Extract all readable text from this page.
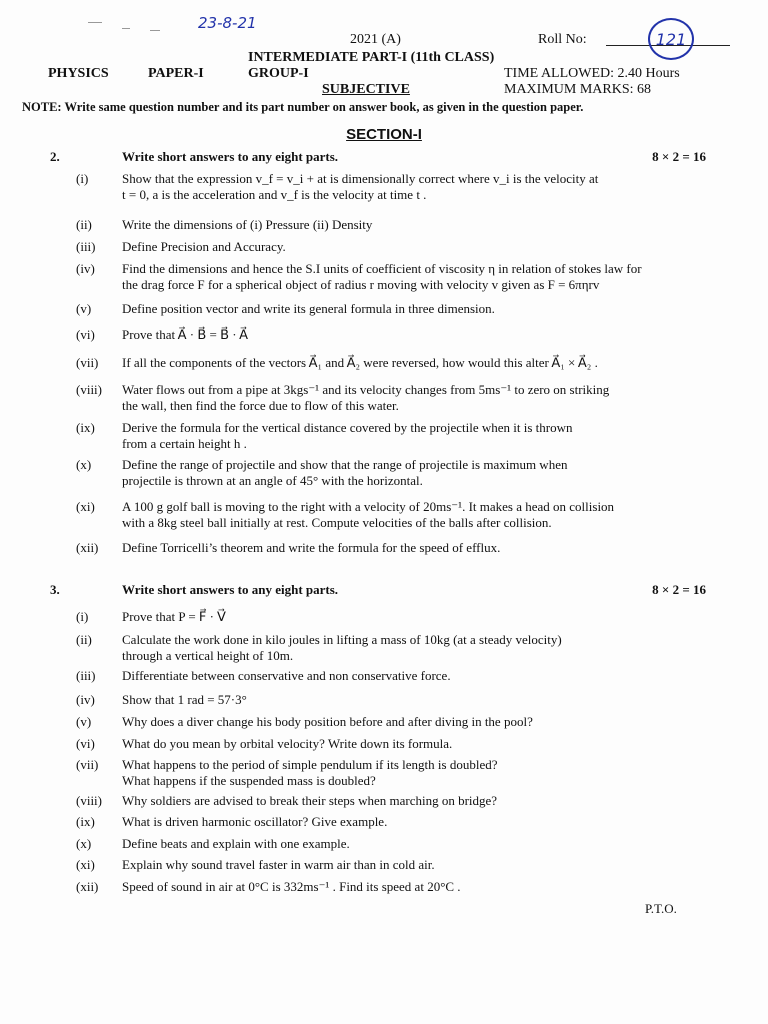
23-8-21
2021 (A)	Roll No:	121
INTERMEDIATE PART-I (11th CLASS)
PHYSICS	PAPER-I	GROUP-I	TIME ALLOWED: 2.40 Hours
SUBJECTIVE	MAXIMUM MARKS: 68
NOTE: Write same question number and its part number on answer book, as given in the question paper.
SECTION-I
2.	Write short answers to any eight parts.	8 × 2 = 16
(i)	Show that the expression v_f = v_i + at is dimensionally correct where v_i is the velocity at
t = 0, a is the acceleration and v_f is the velocity at time t .
(ii)	Write the dimensions of (i) Pressure (ii) Density
(iii)	Define Precision and Accuracy.
(iv)	Find the dimensions and hence the S.I units of coefficient of viscosity η in relation of stokes law for
the drag force F for a spherical object of radius r moving with velocity v given as F = 6πηrv
(v)	Define position vector and write its general formula in three dimension.
(vi)	Prove that A⃗ · B⃗ = B⃗ · A⃗
(vii)	If all the components of the vectors A⃗₁ and A⃗₂ were reversed, how would this alter A⃗₁ × A⃗₂ .
(viii)	Water flows out from a pipe at 3kgs⁻¹ and its velocity changes from 5ms⁻¹ to zero on striking
the wall, then find the force due to flow of this water.
(ix)	Derive the formula for the vertical distance covered by the projectile when it is thrown
from a certain height h .
(x)	Define the range of projectile and show that the range of projectile is maximum when
projectile is thrown at an angle of 45° with the horizontal.
(xi)	A 100 g golf ball is moving to the right with a velocity of 20ms⁻¹. It makes a head on collision
with a 8kg steel ball initially at rest. Compute velocities of the balls after collision.
(xii)	Define Torricelli’s theorem and write the formula for the speed of efflux.
3.	Write short answers to any eight parts.	8 × 2 = 16
(i)	Prove that P = F⃗ · V⃗
(ii)	Calculate the work done in kilo joules in lifting a mass of 10kg (at a steady velocity)
through a vertical height of 10m.
(iii)	Differentiate between conservative and non conservative force.
(iv)	Show that 1 rad = 57·3°
(v)	Why does a diver change his body position before and after diving in the pool?
(vi)	What do you mean by orbital velocity? Write down its formula.
(vii)	What happens to the period of simple pendulum if its length is doubled?
What happens if the suspended mass is doubled?
(viii)	Why soldiers are advised to break their steps when marching on bridge?
(ix)	What is driven harmonic oscillator? Give example.
(x)	Define beats and explain with one example.
(xi)	Explain why sound travel faster in warm air than in cold air.
(xii)	Speed of sound in air at 0°C is 332ms⁻¹ . Find its speed at 20°C .
P.T.O.
